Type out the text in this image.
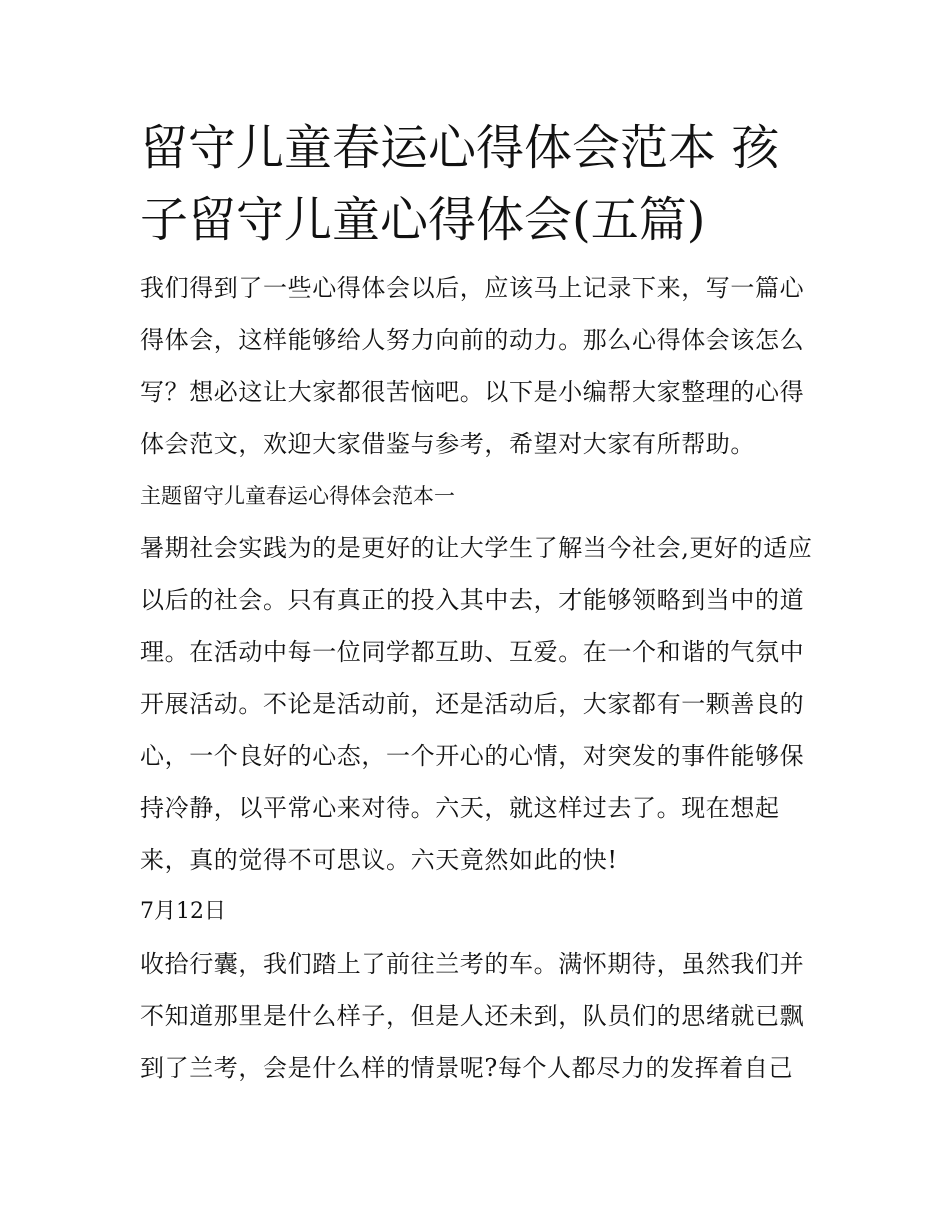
留守儿童春运心得体会范本 孩子留守儿童心得体会(五篇)

我们得到了一些心得体会以后，应该马上记录下来，写一篇心得体会，这样能够给人努力向前的动力。那么心得体会该怎么写？想必这让大家都很苦恼吧。以下是小编帮大家整理的心得体会范文，欢迎大家借鉴与参考，希望对大家有所帮助。

主题留守儿童春运心得体会范本一

暑期社会实践为的是更好的让大学生了解当今社会,更好的适应以后的社会。只有真正的投入其中去，才能够领略到当中的道理。在活动中每一位同学都互助、互爱。在一个和谐的气氛中开展活动。不论是活动前，还是活动后，大家都有一颗善良的心，一个良好的心态，一个开心的心情，对突发的事件能够保持冷静，以平常心来对待。六天，就这样过去了。现在想起来，真的觉得不可思议。六天竟然如此的快!

7月12日

收拾行囊，我们踏上了前往兰考的车。满怀期待，虽然我们并不知道那里是什么样子，但是人还未到，队员们的思绪就已飘到了兰考，会是什么样的情景呢?每个人都尽力的发挥着自己
